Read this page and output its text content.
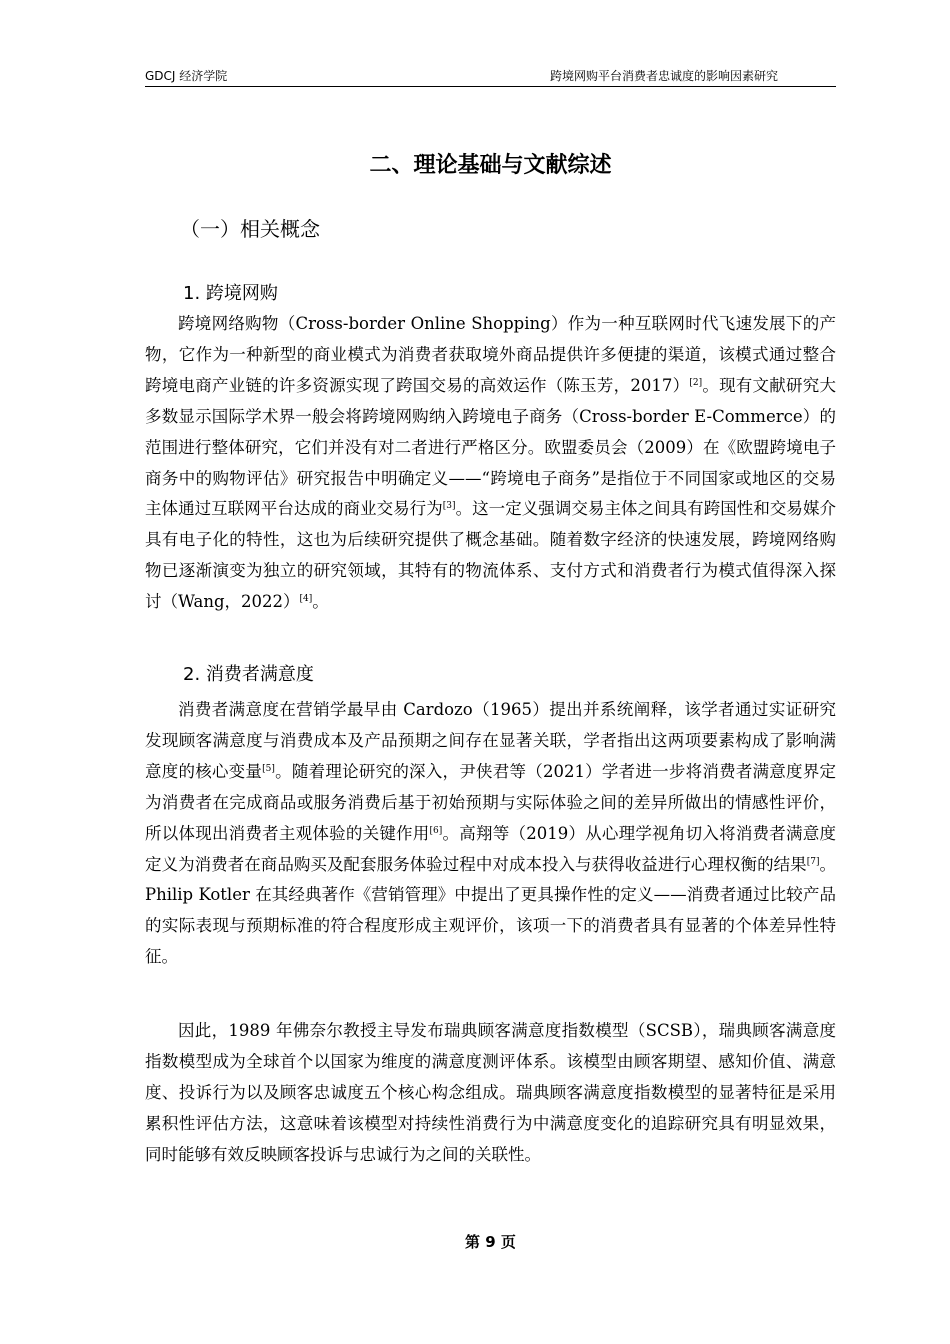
GDCJ 经济学院	跨境网购平台消费者忠诚度的影响因素研究
二、理论基础与文献综述
（一）相关概念
1. 跨境网购

跨境网络购物（Cross-border Online Shopping）作为一种互联网时代飞速发展下的产物，它作为一种新型的商业模式为消费者获取境外商品提供许多便捷的渠道，该模式通过整合跨境电商产业链的许多资源实现了跨国交易的高效运作（陈玉芳，2017）[2]。现有文献研究大多数显示国际学术界一般会将跨境网购纳入跨境电子商务（Cross-border E-Commerce）的范围进行整体研究，它们并没有对二者进行严格区分。欧盟委员会（2009）在《欧盟跨境电子商务中的购物评估》研究报告中明确定义——“跨境电子商务”是指位于不同国家或地区的交易主体通过互联网平台达成的商业交易行为[3]。这一定义强调交易主体之间具有跨国性和交易媒介具有电子化的特性，这也为后续研究提供了概念基础。随着数字经济的快速发展，跨境网络购物已逐渐演变为独立的研究领域，其特有的物流体系、支付方式和消费者行为模式值得深入探讨（Wang，2022）[4]。

2. 消费者满意度

消费者满意度在营销学最早由 Cardozo（1965）提出并系统阐释，该学者通过实证研究发现顾客满意度与消费成本及产品预期之间存在显著关联，学者指出这两项要素构成了影响满意度的核心变量[5]。随着理论研究的深入，尹侠君等（2021）学者进一步将消费者满意度界定为消费者在完成商品或服务消费后基于初始预期与实际体验之间的差异所做出的情感性评价，所以体现出消费者主观体验的关键作用[6]。高翔等（2019）从心理学视角切入将消费者满意度定义为消费者在商品购买及配套服务体验过程中对成本投入与获得收益进行心理权衡的结果[7]。Philip Kotler 在其经典著作《营销管理》中提出了更具操作性的定义——消费者通过比较产品的实际表现与预期标准的符合程度形成主观评价，该项一下的消费者具有显著的个体差异性特征。

因此，1989 年佛奈尔教授主导发布瑞典顾客满意度指数模型（SCSB），瑞典顾客满意度指数模型成为全球首个以国家为维度的满意度测评体系。该模型由顾客期望、感知价值、满意度、投诉行为以及顾客忠诚度五个核心构念组成。瑞典顾客满意度指数模型的显著特征是采用累积性评估方法，这意味着该模型对持续性消费行为中满意度变化的追踪研究具有明显效果，同时能够有效反映顾客投诉与忠诚行为之间的关联性。

第 9 页
